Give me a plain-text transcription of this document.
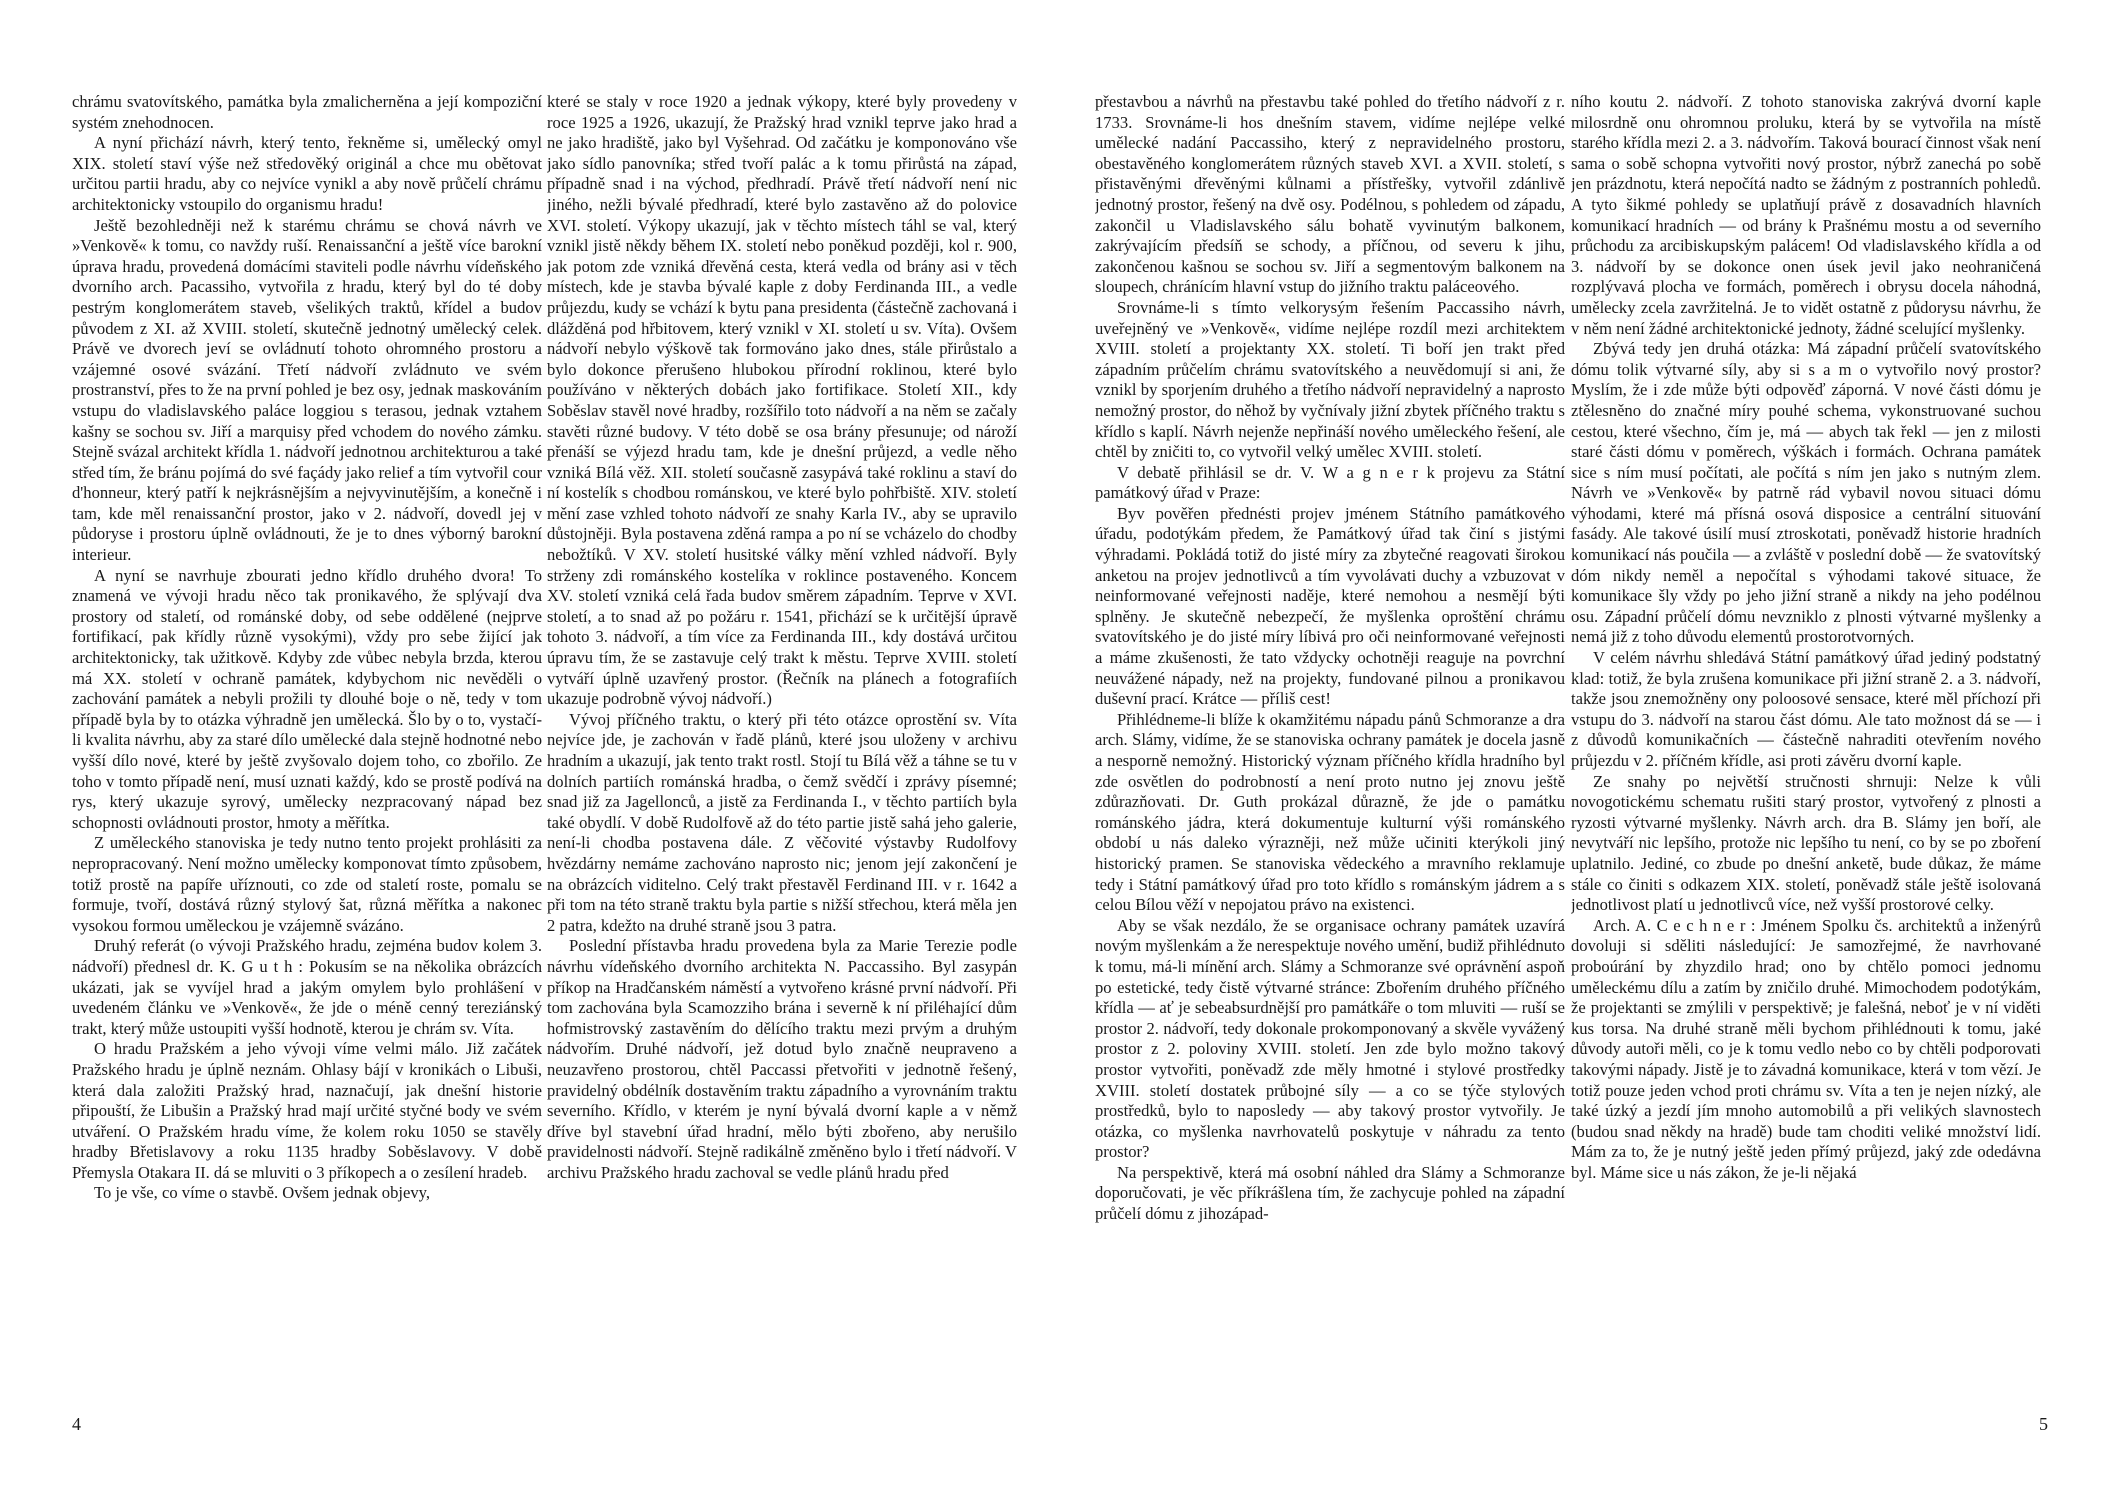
chrámu svatovítského, památka byla zmalicherněna a její kompoziční systém znehodnocen.

A nyní přichází návrh, který tento, řekněme si, umělecký omyl XIX. století staví výše než středověký originál a chce mu obětovat určitou partii hradu, aby co nejvíce vynikl a aby nově průčelí chrámu architektonicky vstoupilo do organismu hradu!

Ještě bezohledněji než k starému chrámu se chová návrh ve »Venkově« k tomu, co navždy ruší. Renaissanční a ještě více barokní úprava hradu, provedená domácími staviteli podle návrhu vídeňského dvorního arch. Pacassiho, vytvořila z hradu, který byl do té doby pestrým konglomerátem staveb, všelikých traktů, křídel a budov původem z XI. až XVIII. století, skutečně jednotný umělecký celek. Právě ve dvorech jeví se ovládnutí tohoto ohromného prostoru a vzájemné osové svázání. Třetí nádvoří zvládnuto ve svém prostranství, přes to že na první pohled je bez osy, jednak maskováním vstupu do vladislavského paláce loggiou s terasou, jednak vztahem kašny se sochou sv. Jiří a marquisy před vchodem do nového zámku. Stejně svázal architekt křídla 1. nádvoří jednotnou architekturou a také střed tím, že bránu pojímá do své façády jako relief a tím vytvořil cour d'honneur, který patří k nejkrásnějším a nejvyvinutějším, a konečně i tam, kde měl renaissanční prostor, jako v 2. nádvoří, dovedl jej v půdoryse i prostoru úplně ovládnouti, že je to dnes výborný barokní interieur.

A nyní se navrhuje zbourati jedno křídlo druhého dvora! To znamená ve vývoji hradu něco tak pronikavého, že splývají dva prostory od staletí, od románské doby, od sebe oddělené (nejprve fortifikací, pak křídly různě vysokými), vždy pro sebe žijící jak architektonicky, tak užitkově. Kdyby zde vůbec nebyla brzda, kterou má XX. století v ochraně památek, kdybychom nic nevěděli o zachování památek a nebyli prožili ty dlouhé boje o ně, tedy v tom případě byla by to otázka výhradně jen umělecká. Šlo by o to, vystačí-li kvalita návrhu, aby za staré dílo umělecké dala stejně hodnotné nebo vyšší dílo nové, které by ještě zvyšovalo dojem toho, co zbořilo. Ze toho v tomto případě není, musí uznati každý, kdo se prostě podívá na rys, který ukazuje syrový, umělecky nezpracovaný nápad bez schopnosti ovládnouti prostor, hmoty a měřítka.

Z uměleckého stanoviska je tedy nutno tento projekt prohlásiti za nepropracovaný. Není možno umělecky komponovat tímto způsobem, totiž prostě na papíře uříznouti, co zde od staletí roste, pomalu se formuje, tvoří, dostává různý stylový šat, různá měřítka a nakonec vysokou formou uměleckou je vzájemně svázáno.

Druhý referát (o vývoji Pražského hradu, zejména budov kolem 3. nádvoří) přednesl dr. K. G u t h : Pokusím se na několika obrázcích ukázati, jak se vyvíjel hrad a jakým omylem bylo prohlášení v uvedeném článku ve »Venkově«, že jde o méně cenný tereziánský trakt, který může ustoupiti vyšší hodnotě, kterou je chrám sv. Víta.

O hradu Pražském a jeho vývoji víme velmi málo. Již začátek Pražského hradu je úplně neznám. Ohlasy bájí v kronikách o Libuši, která dala založiti Pražský hrad, naznačují, jak dnešní historie připouští, že Libušin a Pražský hrad mají určité styčné body ve svém utváření. O Pražském hradu víme, že kolem roku 1050 se stavěly hradby Břetislavovy a roku 1135 hradby Soběslavovy. V době Přemysla Otakara II. dá se mluviti o 3 příkopech a o zesílení hradeb.

To je vše, co víme o stavbě. Ovšem jednak objevy,

které se staly v roce 1920 a jednak výkopy, které byly provedeny v roce 1925 a 1926, ukazují, že Pražský hrad vznikl teprve jako hrad a ne jako hradiště, jako byl Vyšehrad. Od začátku je komponováno vše jako sídlo panovníka; střed tvoří palác a k tomu přirůstá na západ, případně snad i na východ, předhradí. Právě třetí nádvoří není nic jiného, nežli bývalé předhradí, které bylo zastavěno až do polovice XVI. století. Výkopy ukazují, jak v těchto místech táhl se val, který vznikl jistě někdy během IX. století nebo poněkud později, kol r. 900, jak potom zde vzniká dřevěná cesta, která vedla od brány asi v těch místech, kde je stavba bývalé kaple z doby Ferdinanda III., a vedle průjezdu, kudy se vchází k bytu pana presidenta (částečně zachovaná i dlážděná pod hřbitovem, který vznikl v XI. století u sv. Víta). Ovšem nádvoří nebylo výškově tak formováno jako dnes, stále přirůstalo a bylo dokonce přerušeno hlubokou přírodní roklinou, které bylo používáno v některých dobách jako fortifikace. Století XII., kdy Soběslav stavěl nové hradby, rozšířilo toto nádvoří a na něm se začaly stavěti různé budovy. V této době se osa brány přesunuje; od nároží přenáší se výjezd hradu tam, kde je dnešní průjezd, a vedle něho vzniká Bílá věž. XII. století současně zasypává také roklinu a staví do ní kostelík s chodbou románskou, ve které bylo pohřbiště. XIV. století mění zase vzhled tohoto nádvoří ze snahy Karla IV., aby se upravilo důstojněji. Byla postavena zděná rampa a po ní se vcházelo do chodby nebožtíků. V XV. století husitské války mění vzhled nádvoří. Byly strženy zdi románského kostelíka v roklince postaveného. Koncem XV. století vzniká celá řada budov směrem západním. Teprve v XVI. století, a to snad až po požáru r. 1541, přichází se k určitější úpravě tohoto 3. nádvoří, a tím více za Ferdinanda III., kdy dostává určitou úpravu tím, že se zastavuje celý trakt k městu. Teprve XVIII. století vytváří úplně uzavřený prostor. (Řečník na plánech a fotografiích ukazuje podrobně vývoj nádvoří.)

Vývoj příčného traktu, o který při této otázce oprostění sv. Víta nejvíce jde, je zachován v řadě plánů, které jsou uloženy v archivu hradním a ukazují, jak tento trakt rostl. Stojí tu Bílá věž a táhne se tu v dolních partiích románská hradba, o čemž svědčí i zprávy písemné; snad již za Jagellonců, a jistě za Ferdinanda I., v těchto partiích byla také obydlí. V době Rudolfově až do této partie jistě sahá jeho galerie, není-li chodba postavena dále. Z věčovité výstavby Rudolfovy hvězdárny nemáme zachováno naprosto nic; jenom její zakončení je na obrázcích viditelno. Celý trakt přestavěl Ferdinand III. v r. 1642 a při tom na této straně traktu byla partie s nižší střechou, která měla jen 2 patra, kdežto na druhé straně jsou 3 patra.

Poslední přístavba hradu provedena byla za Marie Terezie podle návrhu vídeňského dvorního architekta N. Paccassiho. Byl zasypán příkop na Hradčanském náměstí a vytvořeno krásné první nádvoří. Při tom zachována byla Scamozziho brána i severně k ní přiléhající dům hofmistrovský zastavěním do dělícího traktu mezi prvým a druhým nádvořím. Druhé nádvoří, jež dotud bylo značně neupraveno a neuzavřeno prostorou, chtěl Paccassi přetvořiti v jednotně řešený, pravidelný obdélník dostavěním traktu západního a vyrovnáním traktu severního. Křídlo, v kterém je nyní bývalá dvorní kaple a v němž dříve byl stavební úřad hradní, mělo býti zbořeno, aby nerušilo pravidelnosti nádvoří. Stejně radikálně změněno bylo i třetí nádvoří. V archivu Pražského hradu zachoval se vedle plánů hradu před

4

přestavbou a návrhů na přestavbu také pohled do třetího nádvoří z r. 1733. Srovnáme-li hos dnešním stavem, vidíme nejlépe velké umělecké nadání Paccassiho, který z nepravidelného prostoru, obestavěného konglomerátem různých staveb XVI. a XVII. století, s přistavěnými dřevěnými kůlnami a přístřešky, vytvořil zdánlivě jednotný prostor, řešený na dvě osy. Podélnou, s pohledem od západu, zakončil u Vladislavského sálu bohatě vyvinutým balkonem, zakrývajícím předsíň se schody, a příčnou, od severu k jihu, zakončenou kašnou se sochou sv. Jiří a segmentovým balkonem na sloupech, chránícím hlavní vstup do jižního traktu paláceového.

Srovnáme-li s tímto velkorysým řešením Paccassiho návrh, uveřejněný ve »Venkově«, vidíme nejlépe rozdíl mezi architektem XVIII. století a projektanty XX. století. Ti boří jen trakt před západním průčelím chrámu svatovítského a neuvědomují si ani, že vznikl by sporjením druhého a třetího nádvoří nepravidelný a naprosto nemožný prostor, do něhož by vyčnívaly jižní zbytek příčného traktu s křídlo s kaplí. Návrh nejenže nepřináší nového uměleckého řešení, ale chtěl by zničiti to, co vytvořil velký umělec XVIII. století.

V debatě přihlásil se dr. V. W a g n e r k projevu za Státní památkový úřad v Praze:

Byv pověřen přednésti projev jménem Státního památkového úřadu, podotýkám předem, že Památkový úřad tak činí s jistými výhradami. Pokládá totiž do jisté míry za zbytečné reagovati širokou anketou na projev jednotlivců a tím vyvolávati duchy a vzbuzovat v neinformované veřejnosti naděje, které nemohou a nesmějí býti splněny. Je skutečně nebezpečí, že myšlenka oproštění chrámu svatovítského je do jisté míry líbivá pro oči neinformované veřejnosti a máme zkušenosti, že tato vždycky ochotněji reaguje na povrchní neuvážené nápady, než na projekty, fundované pilnou a pronikavou duševní prací. Krátce — příliš cest!

Přihlédneme-li blíže k okamžitému nápadu pánů Schmoranze a dra arch. Slámy, vidíme, že se stanoviska ochrany památek je docela jasně a nesporně nemožný. Historický význam příčného křídla hradního byl zde osvětlen do podrobností a není proto nutno jej znovu ještě zdůrazňovati. Dr. Guth prokázal důrazně, že jde o památku románského jádra, která dokumentuje kulturní výši románského období u nás daleko výrazněji, než může učiniti kterýkoli jiný historický pramen. Se stanoviska vědeckého a mravního reklamuje tedy i Státní památkový úřad pro toto křídlo s románským jádrem a s celou Bílou věží v nepojatou právo na existenci.

Aby se však nezdálo, že se organisace ochrany památek uzavírá novým myšlenkám a že nerespektuje nového umění, budiž přihlédnuto k tomu, má-li mínění arch. Slámy a Schmoranze své oprávnění aspoň po estetické, tedy čistě výtvarné stránce: Zbořením druhého příčného křídla — ať je sebeabsurdnější pro památkáře o tom mluviti — ruší se prostor 2. nádvoří, tedy dokonale prokomponovaný a skvěle vyvážený prostor z 2. poloviny XVIII. století. Jen zde bylo možno takový prostor vytvořiti, poněvadž zde měly hmotné i stylové prostředky XVIII. století dostatek průbojné síly — a co se týče stylových prostředků, bylo to naposledy — aby takový prostor vytvořily. Je otázka, co myšlenka navrhovatelů poskytuje v náhradu za tento prostor?

Na perspektivě, která má osobní náhled dra Slámy a Schmoranze doporučovati, je věc příkrášlena tím, že zachycuje pohled na západní průčelí dómu z jihozápad-

ního koutu 2. nádvoří. Z tohoto stanoviska zakrývá dvorní kaple milosrdně onu ohromnou proluku, která by se vytvořila na místě starého křídla mezi 2. a 3. nádvořím. Taková bourací činnost však není sama o sobě schopna vytvořiti nový prostor, nýbrž zanechá po sobě jen prázdnotu, která nepočítá nadto se žádným z postranních pohledů. A tyto šikmé pohledy se uplatňují právě z dosavadních hlavních komunikací hradních — od brány k Prašnému mostu a od severního průchodu za arcibiskupským palácem! Od vladislavského křídla a od 3. nádvoří by se dokonce onen úsek jevil jako neohraničená rozplývavá plocha ve formách, poměrech i obrysu docela náhodná, umělecky zcela zavržitelná. Je to vidět ostatně z půdorysu návrhu, že v něm není žádné architektonické jednoty, žádné scelující myšlenky.

Zbývá tedy jen druhá otázka: Má západní průčelí svatovítského dómu tolik výtvarné síly, aby si s a m o vytvořilo nový prostor? Myslím, že i zde může býti odpověď záporná. V nové části dómu je ztělesněno do značné míry pouhé schema, vykonstruované suchou cestou, které všechno, čím je, má — abych tak řekl — jen z milosti staré části dómu v poměrech, výškách i formách. Ochrana památek sice s ním musí počítati, ale počítá s ním jen jako s nutným zlem. Návrh ve »Venkově« by patrně rád vybavil novou situaci dómu výhodami, které má přísná osová disposice a centrální situování fasády. Ale takové úsilí musí ztroskotati, poněvadž historie hradních komunikací nás poučila — a zvláště v poslední době — že svatovítský dóm nikdy neměl a nepočítal s výhodami takové situace, že komunikace šly vždy po jeho jižní straně a nikdy na jeho podélnou osu. Západní průčelí dómu nevzniklo z plnosti výtvarné myšlenky a nemá již z toho důvodu elementů prostorotvorných.

V celém návrhu shledává Státní památkový úřad jediný podstatný klad: totiž, že byla zrušena komunikace při jižní straně 2. a 3. nádvoří, takže jsou znemožněny ony poloosové sensace, které měl příchozí při vstupu do 3. nádvoří na starou část dómu. Ale tato možnost dá se — i z důvodů komunikačních — částečně nahraditi otevřením nového průjezdu v 2. příčném křídle, asi proti závěru dvorní kaple.

Ze snahy po největší stručnosti shrnuji: Nelze k vůli novogotickému schematu rušiti starý prostor, vytvořený z plnosti a ryzosti výtvarné myšlenky. Návrh arch. dra B. Slámy jen boří, ale nevytváří nic lepšího, protože nic lepšího tu není, co by se po zboření uplatnilo. Jediné, co zbude po dnešní anketě, bude důkaz, že máme stále co činiti s odkazem XIX. století, poněvadž stále ještě isolovaná jednotlivost platí u jednotlivců více, než vyšší prostorové celky.

Arch. A. C e c h n e r : Jménem Spolku čs. architektů a inženýrů dovoluji si sděliti následující: Je samozřejmé, že navrhované proboúrání by zhyzdilo hrad; ono by chtělo pomoci jednomu uměleckému dílu a zatím by zničilo druhé. Mimochodem podotýkám, že projektanti se zmýlili v perspektivě; je falešná, neboť je v ní viděti kus torsa. Na druhé straně měli bychom přihlédnouti k tomu, jaké důvody autoři měli, co je k tomu vedlo nebo co by chtěli podporovati takovými nápady. Jistě je to závadná komunikace, která v tom vězí. Je totiž pouze jeden vchod proti chrámu sv. Víta a ten je nejen nízký, ale také úzký a jezdí jím mnoho automobilů a při velikých slavnostech (budou snad někdy na hradě) bude tam choditi veliké množství lidí. Mám za to, že je nutný ještě jeden přímý průjezd, jaký zde odedávna byl. Máme sice u nás zákon, že je-li nějaká

5
